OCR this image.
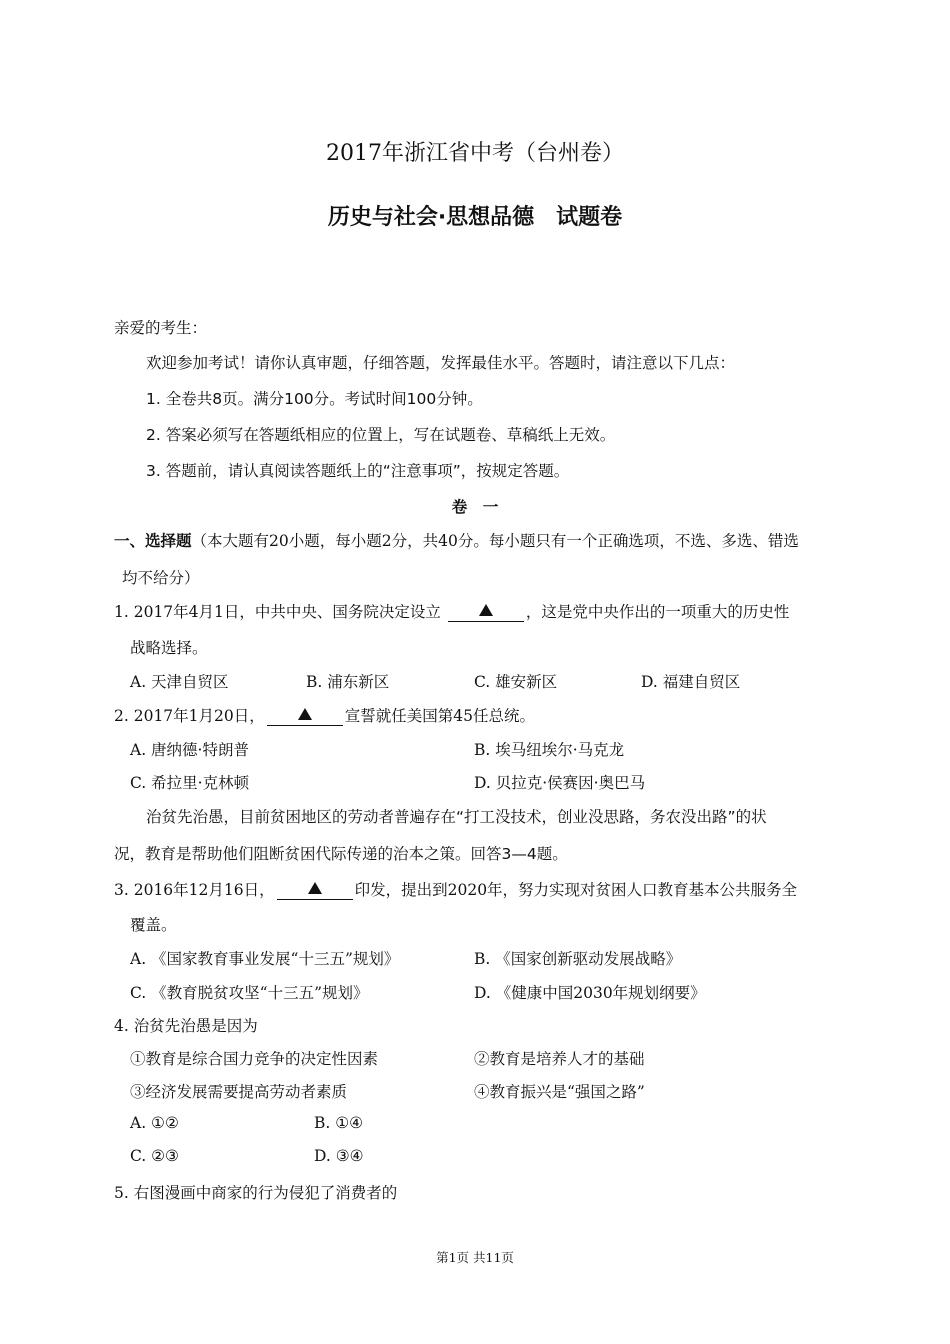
2017年浙江省中考（台州卷）
历史与社会·思想品德　试题卷
亲爱的考生：
欢迎参加考试！请你认真审题，仔细答题，发挥最佳水平。答题时，请注意以下几点：
1. 全卷共8页。满分100分。考试时间100分钟。
2. 答案必须写在答题纸相应的位置上，写在试题卷、草稿纸上无效。
3. 答题前，请认真阅读答题纸上的“注意事项”，按规定答题。
卷　一
一、选择题（本大题有20小题，每小题2分，共40分。每小题只有一个正确选项，不选、多选、错选
均不给分）
1. 2017年4月1日，中共中央、国务院决定设立	，这是党中央作出的一项重大的历史性
战略选择。
A. 天津自贸区	B. 浦东新区	C. 雄安新区	D. 福建自贸区
2. 2017年1月20日，	宣誓就任美国第45任总统。
A. 唐纳德·特朗普	B. 埃马纽埃尔·马克龙
C. 希拉里·克林顿	D. 贝拉克·侯赛因·奥巴马
治贫先治愚，目前贫困地区的劳动者普遍存在“打工没技术，创业没思路，务农没出路”的状
况，教育是帮助他们阻断贫困代际传递的治本之策。回答3—4题。
3. 2016年12月16日，	印发，提出到2020年，努力实现对贫困人口教育基本公共服务全
覆盖。
A. 《国家教育事业发展“十三五”规划》	B. 《国家创新驱动发展战略》
C. 《教育脱贫攻坚“十三五”规划》	D. 《健康中国2030年规划纲要》
4. 治贫先治愚是因为
①教育是综合国力竞争的决定性因素	②教育是培养人才的基础
③经济发展需要提高劳动者素质	④教育振兴是“强国之路”
A. ①②	B. ①④
C. ②③	D. ③④
5. 右图漫画中商家的行为侵犯了消费者的
第1页 共11页
